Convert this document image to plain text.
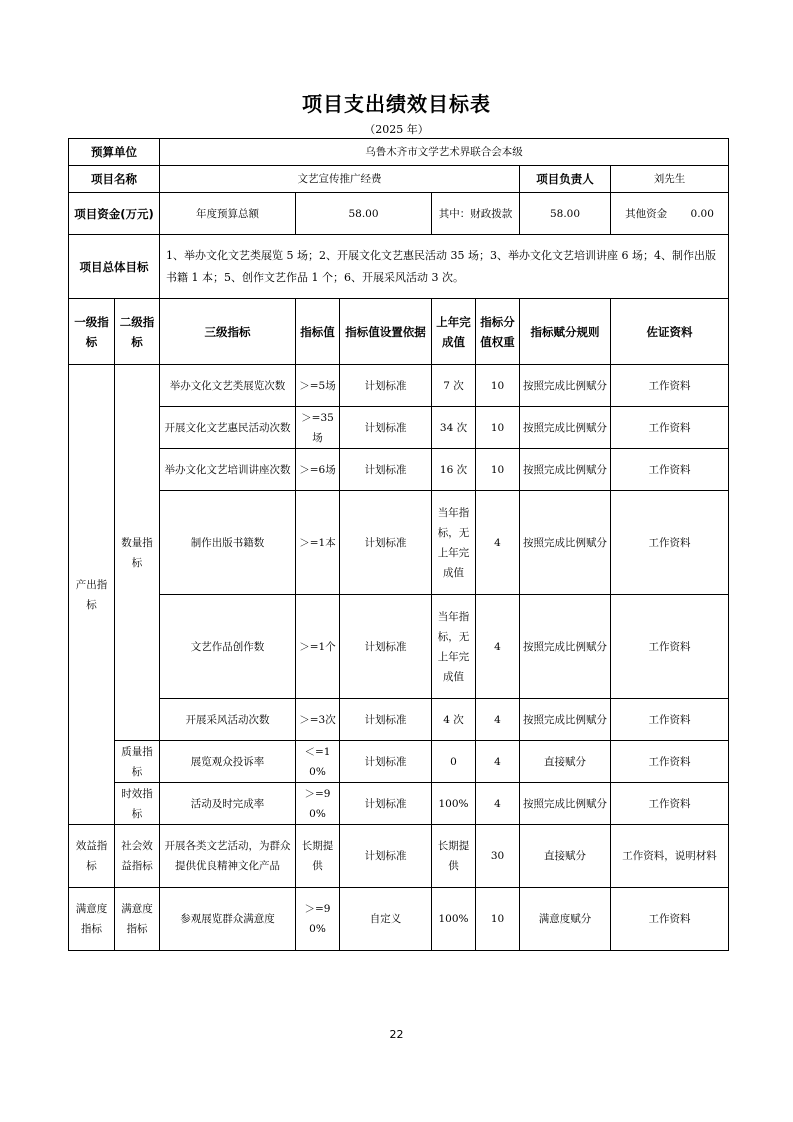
项目支出绩效目标表
（2025 年）
预算单位		乌鲁木齐市文学艺术界联合会本级						
项目名称		文艺宣传推广经费					项目负责人	刘先生
项目资金(万元)		年度预算总额	58.00		其中：财政拨款		58.00	其他资金 0.00
项目总体目标		1、举办文化文艺类展览 5 场；2、开展文化文艺惠民活动 35 场；3、举办文化文艺培训讲座 6 场；4、制作出版书籍 1 本；5、创作文艺作品 1 个；6、开展采风活动 3 次。						
一级指标	二级指标	三级指标	指标值	指标值设置依据	上年完成值	指标分值权重	指标赋分规则	佐证资料
产出指标	数量指标	举办文化文艺类展览次数	＞=5场	计划标准	7 次	10	按照完成比例赋分	工作资料
		开展文化文艺惠民活动次数	＞=35场	计划标准	34 次	10	按照完成比例赋分	工作资料
		举办文化文艺培训讲座次数	＞=6场	计划标准	16 次	10	按照完成比例赋分	工作资料
		制作出版书籍数	＞=1本	计划标准	当年指标，无上年完成值	4	按照完成比例赋分	工作资料
		文艺作品创作数	＞=1个	计划标准	当年指标，无上年完成值	4	按照完成比例赋分	工作资料
		开展采风活动次数	＞=3次	计划标准	4 次	4	按照完成比例赋分	工作资料
	质量指标	展览观众投诉率	＜=10%	计划标准	0	4	直接赋分	工作资料
	时效指标	活动及时完成率	＞=90%	计划标准	100%	4	按照完成比例赋分	工作资料
效益指标	社会效益指标	开展各类文艺活动，为群众提供优良精神文化产品	长期提供	计划标准	长期提供	30	直接赋分	工作资料，说明材料
满意度指标	满意度指标	参观展览群众满意度	＞=90%	自定义	100%	10	满意度赋分	工作资料
22
